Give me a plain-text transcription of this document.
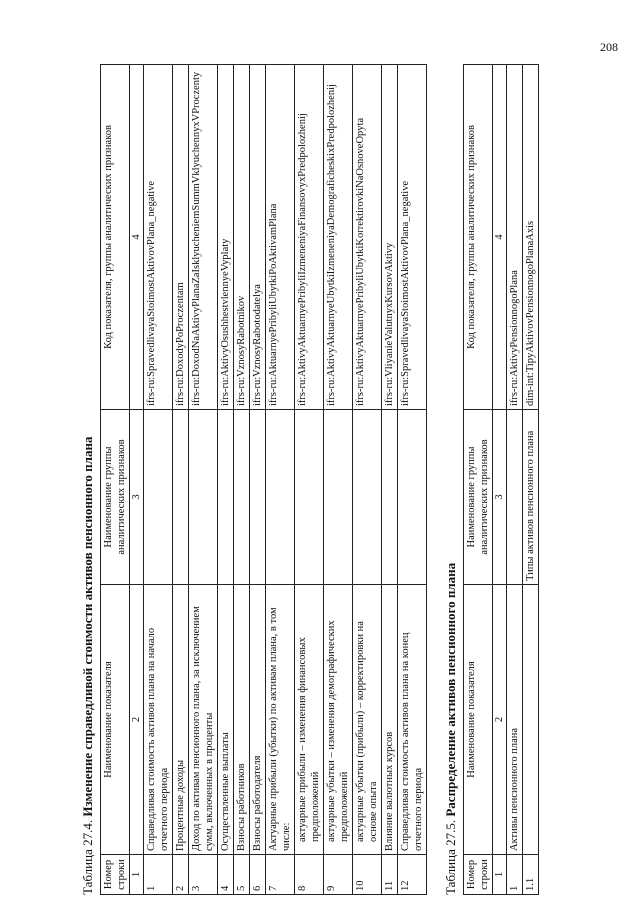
208
Таблица 27.4. Изменение справедливой стоимости активов пенсионного плана
Номер строки	Наименование показателя	Наименование группы аналитических признаков	Код показателя, группы аналитических признаков
1	2	3	4
1	Справедливая стоимость активов плана на начало отчетного периода		ifrs-ru:SpravedlivayaStoimostAktivovPlana_negative
2	Процентные доходы		ifrs-ru:DoxodyPoProczentam
3	Доход по активам пенсионного плана, за исключением сумм, включенных в проценты		ifrs-ru:DoxodNaAktivyPlanaZaIsklyucheniemSummVklyuchennyxVProczenty
4	Осуществленные выплаты		ifrs-ru:AktivyOsushhestvlennyeVyplaty
5	Взносы работников		ifrs-ru:VznosyRabotnikov
6	Взносы работодателя		ifrs-ru:VznosyRabotodatelya
7	Актуарные прибыли (убытки) по активам плана, в том числе:		ifrs-ru:AktuarnyePribyliUbytkiPoAktivamPlana
8	актуарные прибыли – изменения финансовых предположений		ifrs-ru:AktivyAktuarnyePribyliIzmeneniyaFinansovyxPredpolozhenij
9	актуарные убытки – изменения демографических предположений		ifrs-ru:AktivyAktuarnyeUbytkiIzmeneniyaDemograficheskixPredpolozhenij
10	актуарные убытки (прибыли) – корректировки на основе опыта		ifrs-ru:AktivyAktuarnyePribyliUbytkiKorrektirovkiNaOsnoveOpyta
11	Влияние валютных курсов		ifrs-ru:VliyanieValutnyxKursovAktivy
12	Справедливая стоимость активов плана на конец отчетного периода		ifrs-ru:SpravedlivayaStoimostAktivovPlana_negative
Таблица 27.5. Распределение активов пенсионного плана
Номер строки	Наименование показателя	Наименование группы аналитических признаков	Код показателя, группы аналитических признаков
1	2	3	4
1	Активы пенсионного плана		ifrs-ru:AktivyPensionnogoPlana
1.1		Типы активов пенсионного плана	dim-int:TipyAktivovPensionnogoPlanaAxis
